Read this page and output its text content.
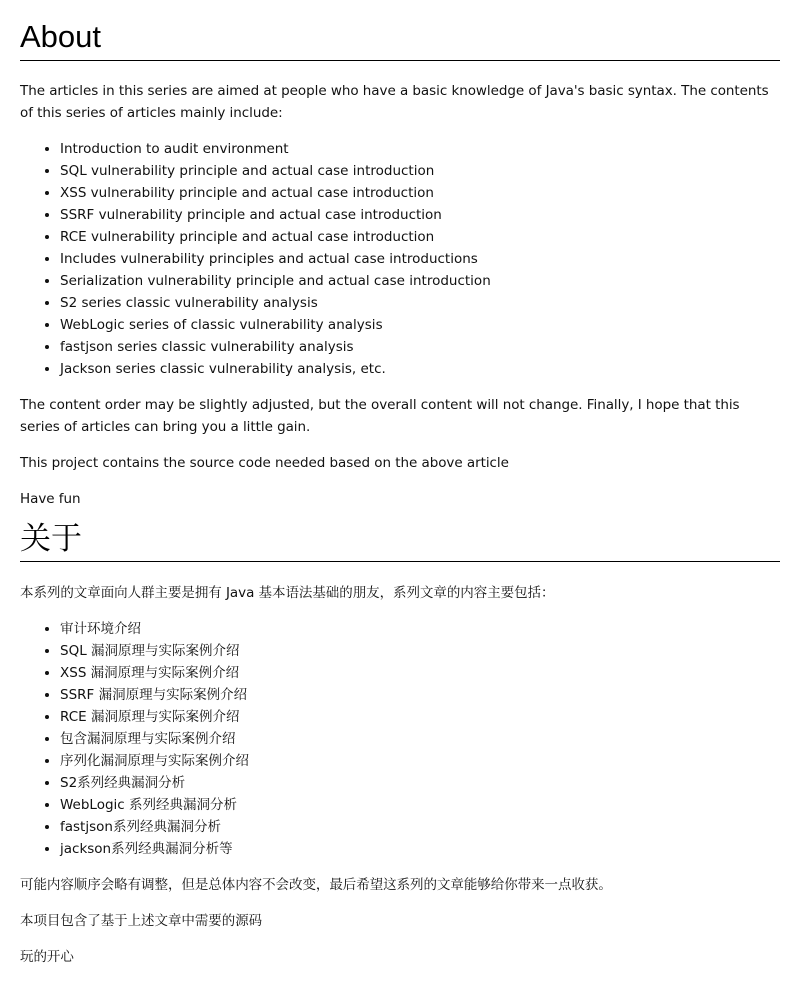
About

The articles in this series are aimed at people who have a basic knowledge of Java's basic syntax. The contents of this series of articles mainly include:

• Introduction to audit environment
• SQL vulnerability principle and actual case introduction
• XSS vulnerability principle and actual case introduction
• SSRF vulnerability principle and actual case introduction
• RCE vulnerability principle and actual case introduction
• Includes vulnerability principles and actual case introductions
• Serialization vulnerability principle and actual case introduction
• S2 series classic vulnerability analysis
• WebLogic series of classic vulnerability analysis
• fastjson series classic vulnerability analysis
• Jackson series classic vulnerability analysis, etc.

The content order may be slightly adjusted, but the overall content will not change. Finally, I hope that this series of articles can bring you a little gain.

This project contains the source code needed based on the above article

Have fun

关于

本系列的文章面向人群主要是拥有 Java 基本语法基础的朋友，系列文章的内容主要包括：

• 审计环境介绍
• SQL 漏洞原理与实际案例介绍
• XSS 漏洞原理与实际案例介绍
• SSRF 漏洞原理与实际案例介绍
• RCE 漏洞原理与实际案例介绍
• 包含漏洞原理与实际案例介绍
• 序列化漏洞原理与实际案例介绍
• S2系列经典漏洞分析
• WebLogic 系列经典漏洞分析
• fastjson系列经典漏洞分析
• jackson系列经典漏洞分析等

可能内容顺序会略有调整，但是总体内容不会改变，最后希望这系列的文章能够给你带来一点收获。

本项目包含了基于上述文章中需要的源码

玩的开心
